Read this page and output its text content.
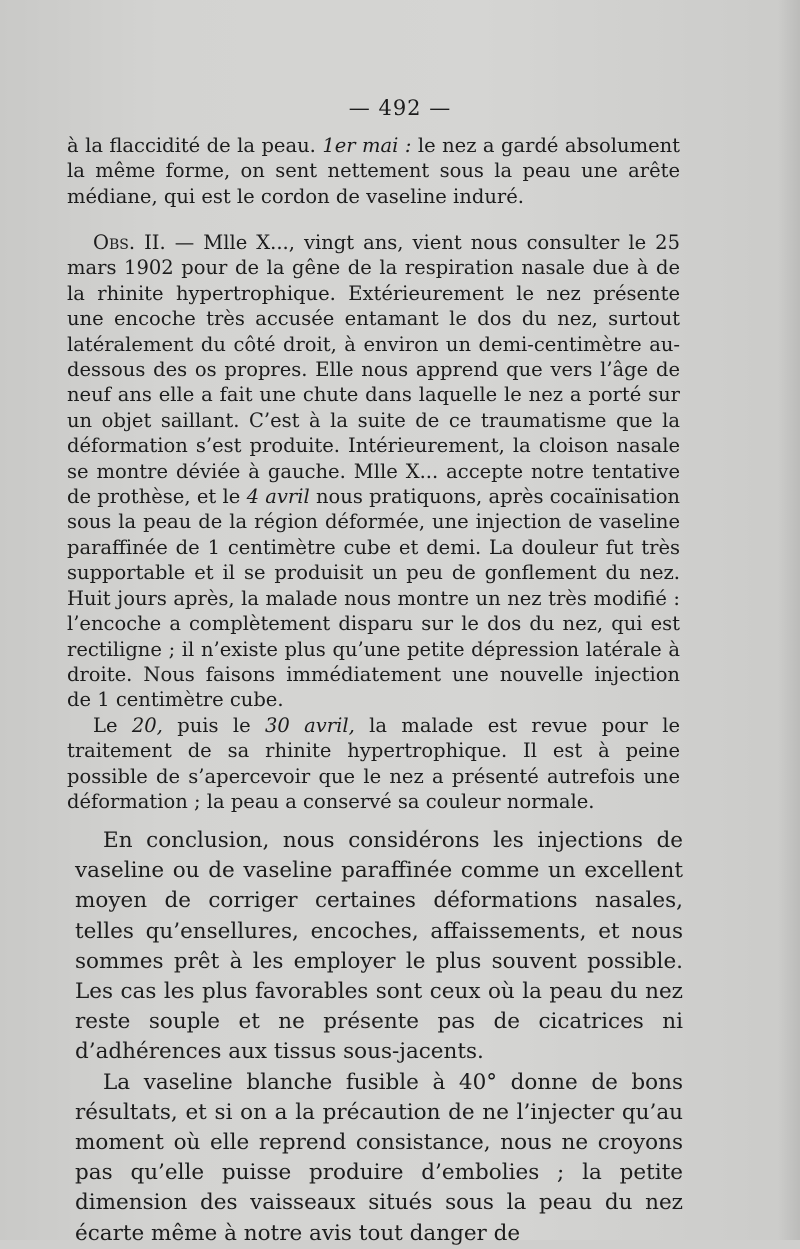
— 492 —

à la flaccidité de la peau. 1er mai : le nez a gardé absolument la même forme, on sent nettement sous la peau une arête médiane, qui est le cordon de vaseline induré.

Obs. II. — Mlle X..., vingt ans, vient nous consulter le 25 mars 1902 pour de la gêne de la respiration nasale due à de la rhinite hypertrophique. Extérieurement le nez présente une encoche très accusée entamant le dos du nez, surtout latéralement du côté droit, à environ un demi-centimètre au-dessous des os propres. Elle nous apprend que vers l’âge de neuf ans elle a fait une chute dans laquelle le nez a porté sur un objet saillant. C’est à la suite de ce traumatisme que la déformation s’est produite. Intérieurement, la cloison nasale se montre déviée à gauche. Mlle X... accepte notre tentative de prothèse, et le 4 avril nous pratiquons, après cocaïnisation sous la peau de la région déformée, une injection de vaseline paraffinée de 1 centimètre cube et demi. La douleur fut très supportable et il se produisit un peu de gonflement du nez. Huit jours après, la malade nous montre un nez très modifié : l’encoche a complètement disparu sur le dos du nez, qui est rectiligne ; il n’existe plus qu’une petite dépression latérale à droite. Nous faisons immédiatement une nouvelle injection de 1 centimètre cube.

Le 20, puis le 30 avril, la malade est revue pour le traitement de sa rhinite hypertrophique. Il est à peine possible de s’apercevoir que le nez a présenté autrefois une déformation ; la peau a conservé sa couleur normale.

En conclusion, nous considérons les injections de vaseline ou de vaseline paraffinée comme un excellent moyen de corriger certaines déformations nasales, telles qu’ensellures, encoches, affaissements, et nous sommes prêt à les employer le plus souvent possible. Les cas les plus favorables sont ceux où la peau du nez reste souple et ne présente pas de cicatrices ni d’adhérences aux tissus sous-jacents.

La vaseline blanche fusible à 40° donne de bons résultats, et si on a la précaution de ne l’injecter qu’au moment où elle reprend consistance, nous ne croyons pas qu’elle puisse produire d’embolies ; la petite dimension des vaisseaux situés sous la peau du nez écarte même à notre avis tout danger de
